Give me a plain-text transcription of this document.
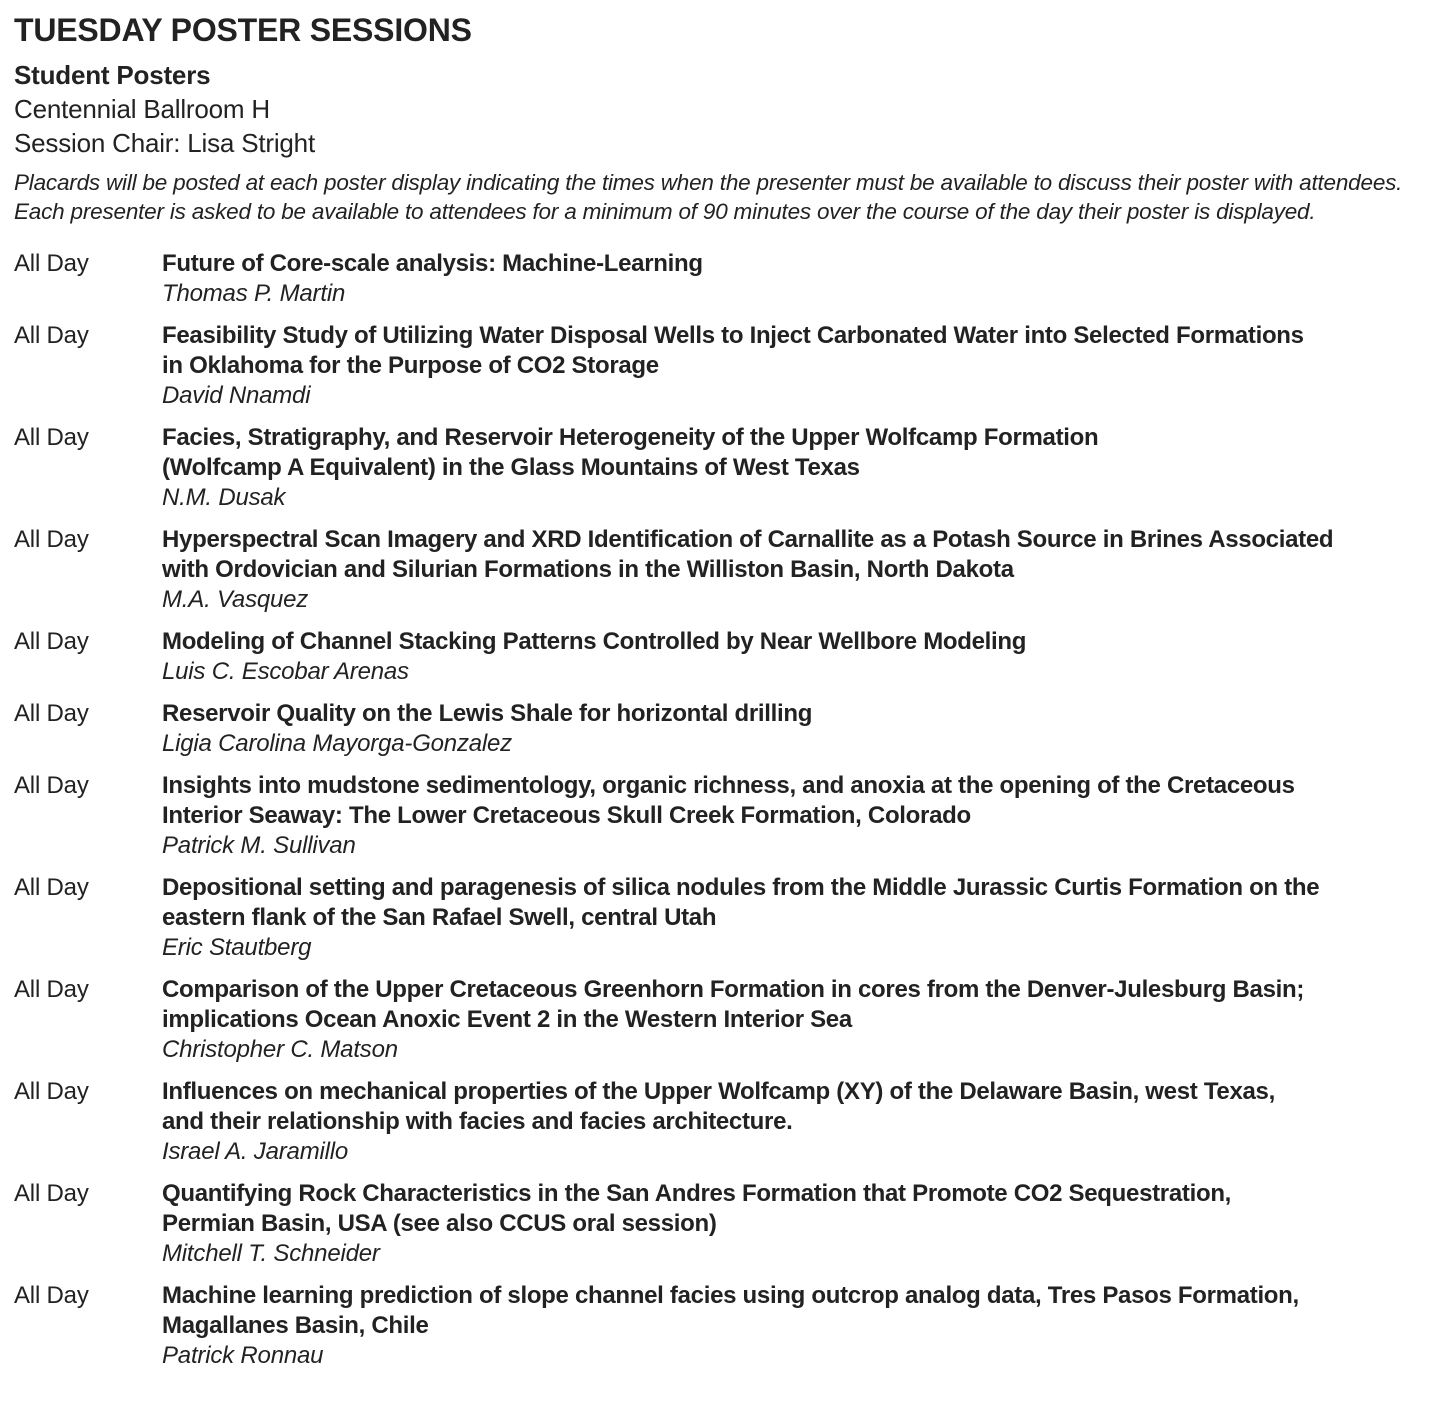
TUESDAY POSTER SESSIONS
Student Posters
Centennial Ballroom H
Session Chair: Lisa Stright
Placards will be posted at each poster display indicating the times when the presenter must be available to discuss their poster with attendees. Each presenter is asked to be available to attendees for a minimum of 90 minutes over the course of the day their poster is displayed.
All Day	Future of Core-scale analysis: Machine-Learning
Thomas P. Martin
All Day	Feasibility Study of Utilizing Water Disposal Wells to Inject Carbonated Water into Selected Formations
in Oklahoma for the Purpose of CO2 Storage
David Nnamdi
All Day	Facies, Stratigraphy, and Reservoir Heterogeneity of the Upper Wolfcamp Formation
(Wolfcamp A Equivalent) in the Glass Mountains of West Texas
N.M. Dusak
All Day	Hyperspectral Scan Imagery and XRD Identification of Carnallite as a Potash Source in Brines Associated
with Ordovician and Silurian Formations in the Williston Basin, North Dakota
M.A. Vasquez
All Day	Modeling of Channel Stacking Patterns Controlled by Near Wellbore Modeling
Luis C. Escobar Arenas
All Day	Reservoir Quality on the Lewis Shale for horizontal drilling
Ligia Carolina Mayorga-Gonzalez
All Day	Insights into mudstone sedimentology, organic richness, and anoxia at the opening of the Cretaceous
Interior Seaway: The Lower Cretaceous Skull Creek Formation, Colorado
Patrick M. Sullivan
All Day	Depositional setting and paragenesis of silica nodules from the Middle Jurassic Curtis Formation on the
eastern flank of the San Rafael Swell, central Utah
Eric Stautberg
All Day	Comparison of the Upper Cretaceous Greenhorn Formation in cores from the Denver-Julesburg Basin;
implications Ocean Anoxic Event 2 in the Western Interior Sea
Christopher C. Matson
All Day	Influences on mechanical properties of the Upper Wolfcamp (XY) of the Delaware Basin, west Texas,
and their relationship with facies and facies architecture.
Israel A. Jaramillo
All Day	Quantifying Rock Characteristics in the San Andres Formation that Promote CO2 Sequestration,
Permian Basin, USA (see also CCUS oral session)
Mitchell T. Schneider
All Day	Machine learning prediction of slope channel facies using outcrop analog data, Tres Pasos Formation,
Magallanes Basin, Chile
Patrick Ronnau
